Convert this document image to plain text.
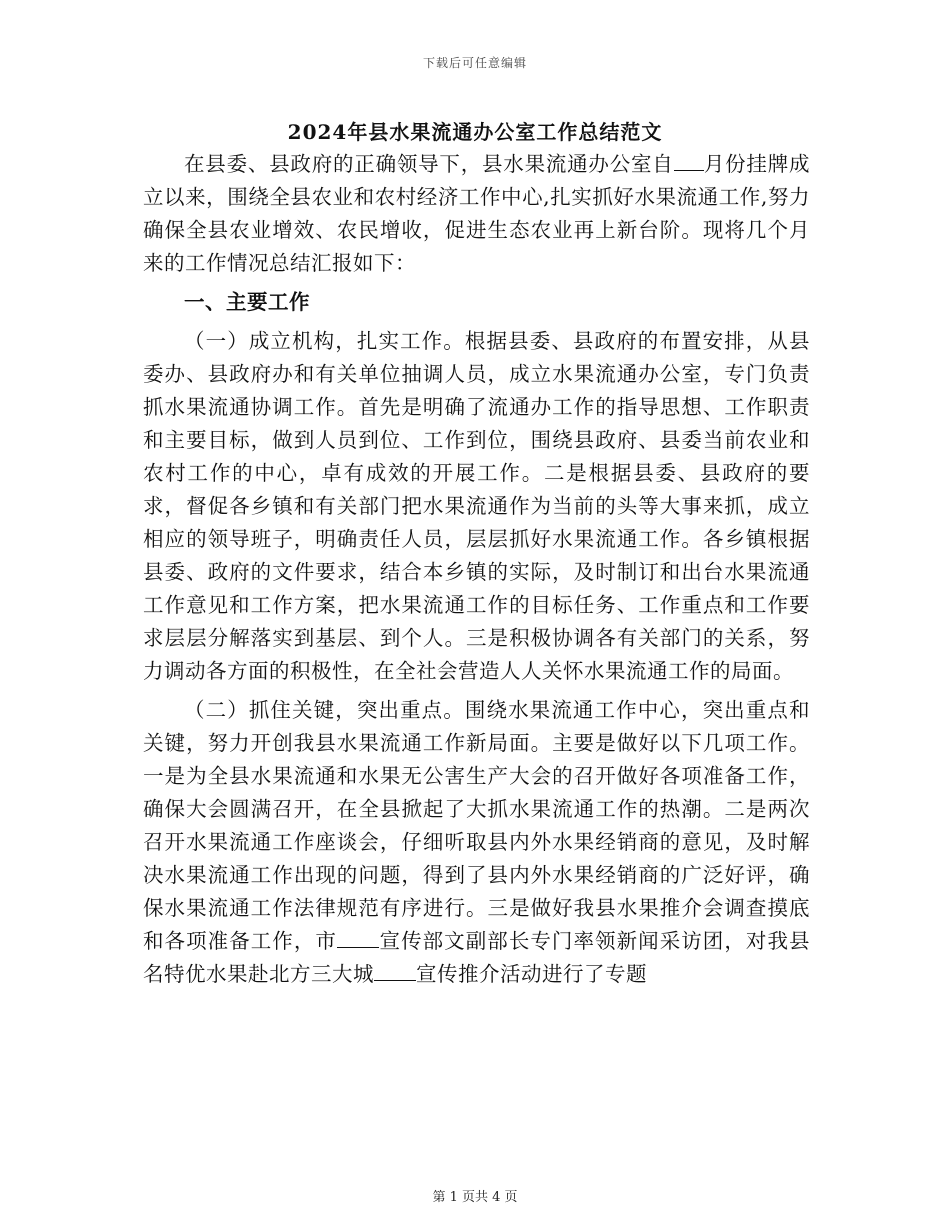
下载后可任意编辑
2024年县水果流通办公室工作总结范文

在县委、县政府的正确领导下，县水果流通办公室自 月份挂牌成立以来，围绕全县农业和农村经济工作中心,扎实抓好水果流通工作,努力确保全县农业增效、农民增收，促进生态农业再上新台阶。现将几个月来的工作情况总结汇报如下：

一、主要工作

（一）成立机构，扎实工作。根据县委、县政府的布置安排，从县委办、县政府办和有关单位抽调人员，成立水果流通办公室，专门负责抓水果流通协调工作。首先是明确了流通办工作的指导思想、工作职责和主要目标，做到人员到位、工作到位，围绕县政府、县委当前农业和农村工作的中心，卓有成效的开展工作。二是根据县委、县政府的要求，督促各乡镇和有关部门把水果流通作为当前的头等大事来抓，成立相应的领导班子，明确责任人员，层层抓好水果流通工作。各乡镇根据县委、政府的文件要求，结合本乡镇的实际，及时制订和出台水果流通工作意见和工作方案，把水果流通工作的目标任务、工作重点和工作要求层层分解落实到基层、到个人。三是积极协调各有关部门的关系，努力调动各方面的积极性，在全社会营造人人关怀水果流通工作的局面。

（二）抓住关键，突出重点。围绕水果流通工作中心，突出重点和关键，努力开创我县水果流通工作新局面。主要是做好以下几项工作。一是为全县水果流通和水果无公害生产大会的召开做好各项准备工作，确保大会圆满召开，在全县掀起了大抓水果流通工作的热潮。二是两次召开水果流通工作座谈会，仔细听取县内外水果经销商的意见，及时解决水果流通工作出现的问题，得到了县内外水果经销商的广泛好评，确保水果流通工作法律规范有序进行。三是做好我县水果推介会调查摸底和各项准备工作，市 宣传部文副部长专门率领新闻采访团，对我县名特优水果赴北方三大城 宣传推介活动进行了专题

第 1 页共 4 页
